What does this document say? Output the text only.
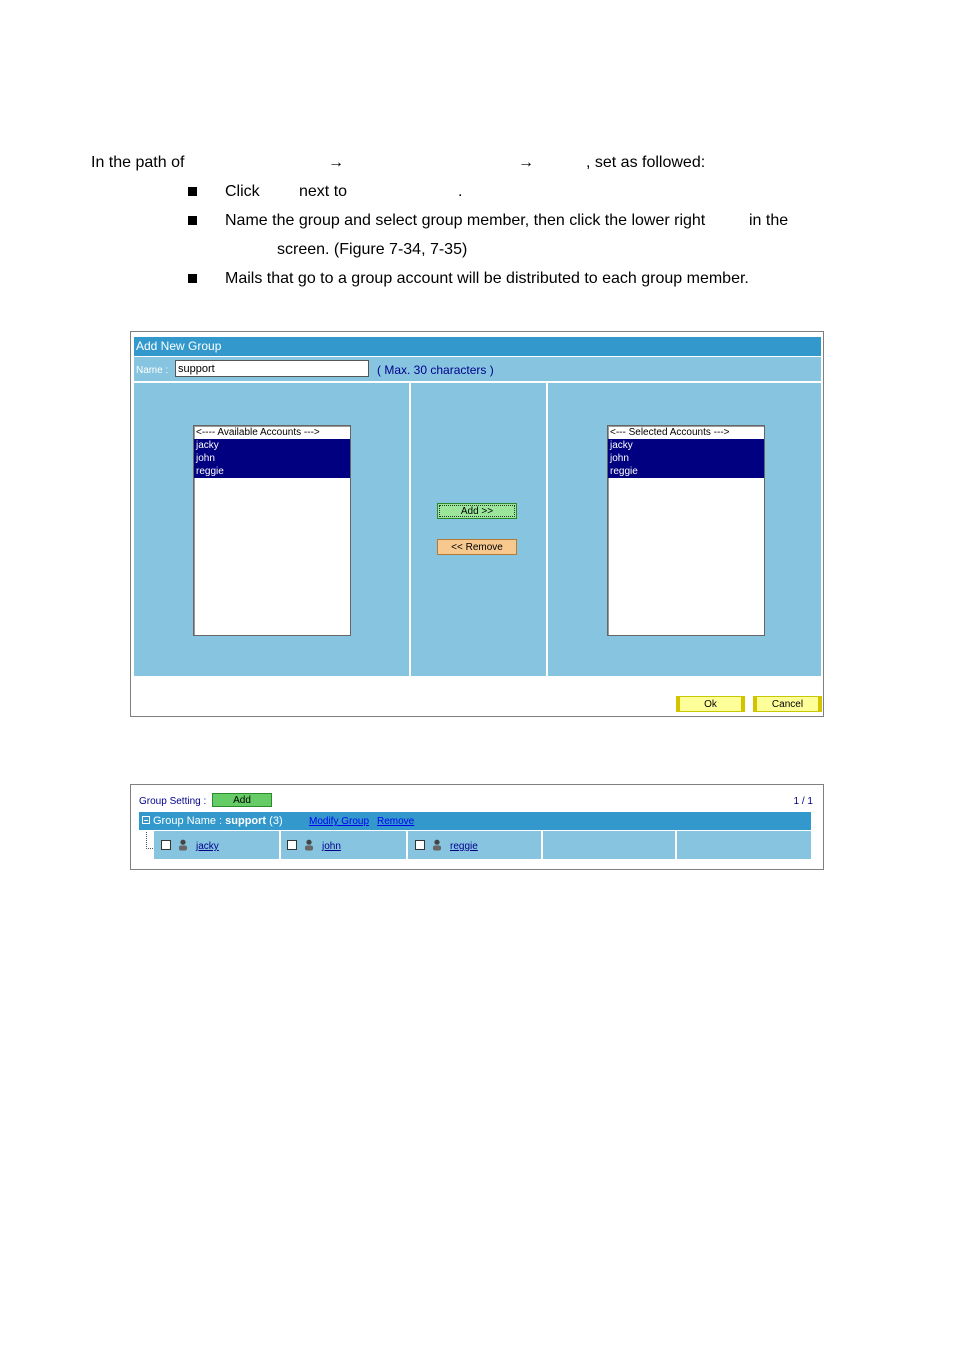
In the path of	→	→	, set as followed:
Click next to	.
Name the group and select group member, then click the lower right	in the
screen. (Figure 7-34, 7-35)
Mails that go to a group account will be distributed to each group member.
Add New Group
Name : support	( Max. 30 characters )
<---- Available Accounts --->
jacky
john
reggie
<--- Selected Accounts --->
jacky
john
reggie
Add >>
<< Remove
Ok	Cancel
Group Setting :	Add	1 / 1
Group Name : support (3)	Modify Group Remove
jacky	john	reggie
